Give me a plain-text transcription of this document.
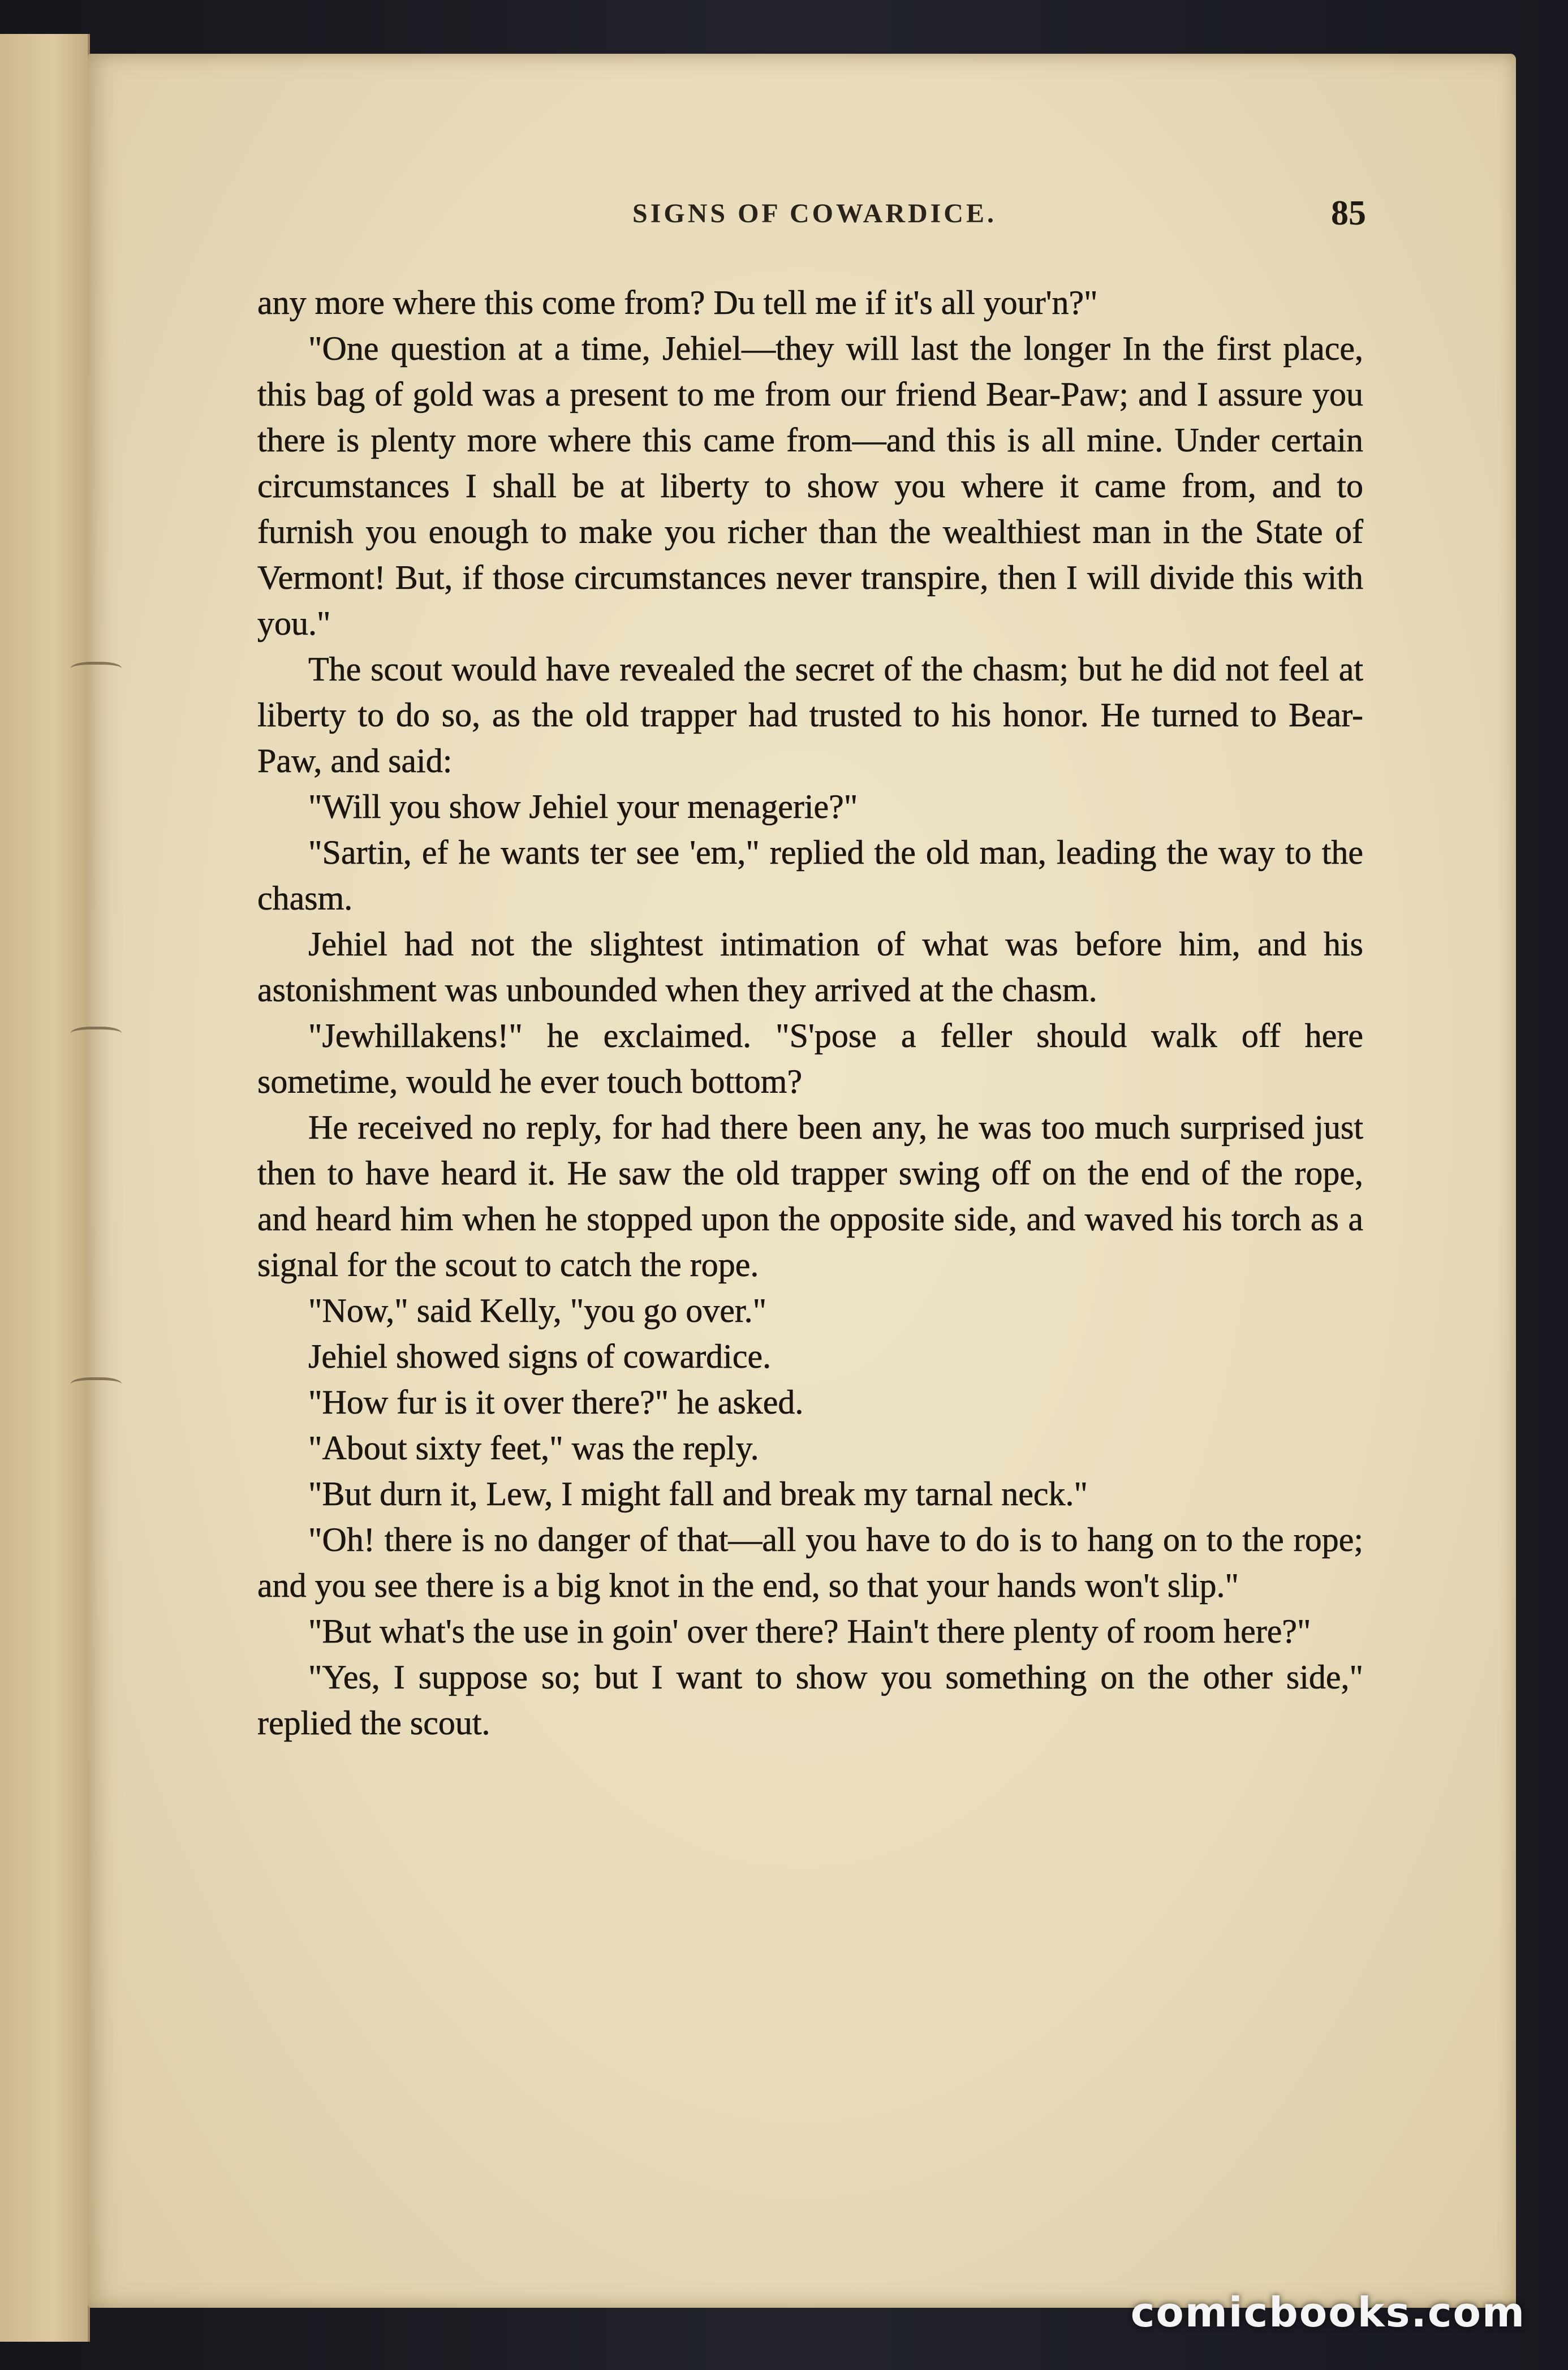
SIGNS OF COWARDICE.	85

any more where this come from? Du tell me if it's all your'n?"

"One question at a time, Jehiel—they will last the longer In the first place, this bag of gold was a present to me from our friend Bear-Paw; and I assure you there is plenty more where this came from—and this is all mine. Under certain circumstances I shall be at liberty to show you where it came from, and to furnish you enough to make you richer than the wealthiest man in the State of Vermont! But, if those circumstances never transpire, then I will divide this with you."

The scout would have revealed the secret of the chasm; but he did not feel at liberty to do so, as the old trapper had trusted to his honor. He turned to Bear-Paw, and said:

"Will you show Jehiel your menagerie?"

"Sartin, ef he wants ter see 'em," replied the old man, leading the way to the chasm.

Jehiel had not the slightest intimation of what was before him, and his astonishment was unbounded when they arrived at the chasm.

"Jewhillakens!" he exclaimed. "S'pose a feller should walk off here sometime, would he ever touch bottom?

He received no reply, for had there been any, he was too much surprised just then to have heard it. He saw the old trapper swing off on the end of the rope, and heard him when he stopped upon the opposite side, and waved his torch as a signal for the scout to catch the rope.

"Now," said Kelly, "you go over."

Jehiel showed signs of cowardice.

"How fur is it over there?" he asked.

"About sixty feet," was the reply.

"But durn it, Lew, I might fall and break my tarnal neck."

"Oh! there is no danger of that—all you have to do is to hang on to the rope; and you see there is a big knot in the end, so that your hands won't slip."

"But what's the use in goin' over there? Hain't there plenty of room here?"

"Yes, I suppose so; but I want to show you something on the other side," replied the scout.

comicbooks.com
